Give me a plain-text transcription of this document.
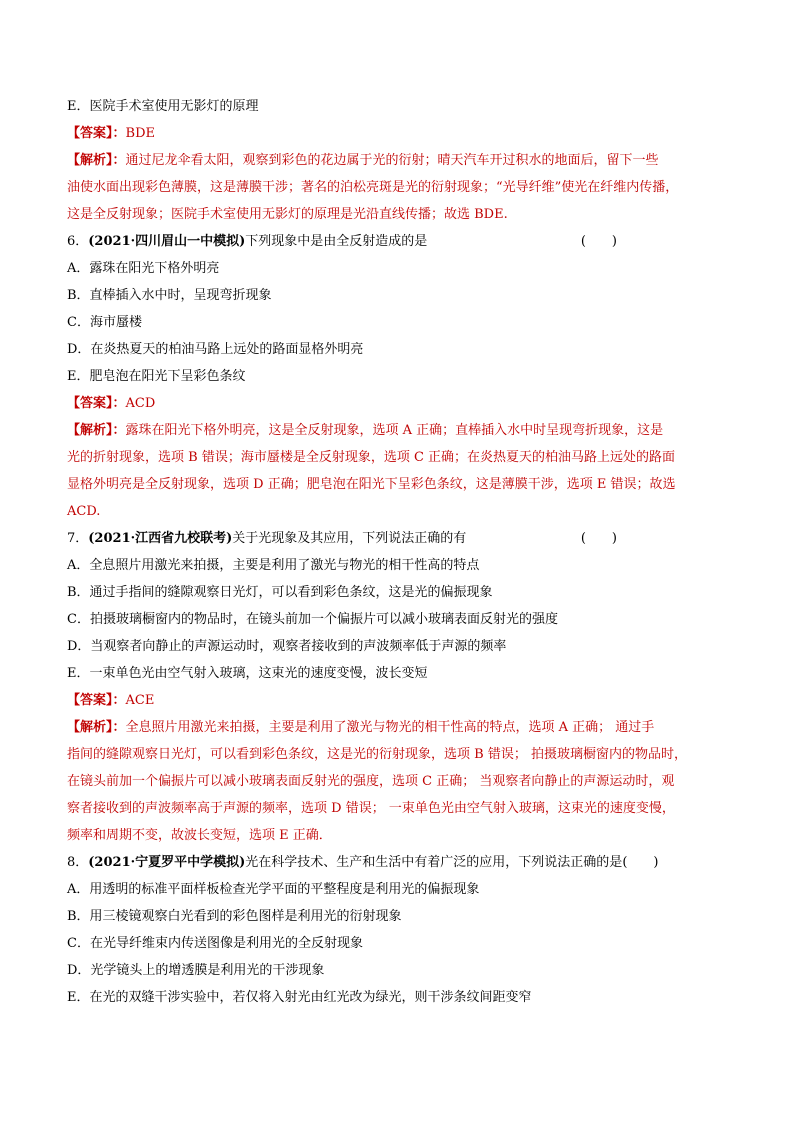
E．医院手术室使用无影灯的原理
【答案】：BDE
【解析】：通过尼龙伞看太阳，观察到彩色的花边属于光的衍射；晴天汽车开过积水的地面后，留下一些
油使水面出现彩色薄膜，这是薄膜干涉；著名的泊松亮斑是光的衍射现象；“光导纤维”使光在纤维内传播，
这是全反射现象；医院手术室使用无影灯的原理是光沿直线传播；故选 BDE.
6．(2021·四川眉山一中模拟)下列现象中是由全反射造成的是	(　　)
A．露珠在阳光下格外明亮
B．直棒插入水中时，呈现弯折现象
C．海市蜃楼
D．在炎热夏天的柏油马路上远处的路面显格外明亮
E．肥皂泡在阳光下呈彩色条纹
【答案】：ACD
【解析】：露珠在阳光下格外明亮，这是全反射现象，选项 A 正确；直棒插入水中时呈现弯折现象，这是
光的折射现象，选项 B 错误；海市蜃楼是全反射现象，选项 C 正确；在炎热夏天的柏油马路上远处的路面
显格外明亮是全反射现象，选项 D 正确；肥皂泡在阳光下呈彩色条纹，这是薄膜干涉，选项 E 错误；故选
ACD.
7．(2021·江西省九校联考)关于光现象及其应用，下列说法正确的有	(　　)
A．全息照片用激光来拍摄，主要是利用了激光与物光的相干性高的特点
B．通过手指间的缝隙观察日光灯，可以看到彩色条纹，这是光的偏振现象
C．拍摄玻璃橱窗内的物品时，在镜头前加一个偏振片可以减小玻璃表面反射光的强度
D．当观察者向静止的声源运动时，观察者接收到的声波频率低于声源的频率
E．一束单色光由空气射入玻璃，这束光的速度变慢，波长变短
【答案】：ACE
【解析】：全息照片用激光来拍摄，主要是利用了激光与物光的相干性高的特点，选项 A 正确； 通过手
指间的缝隙观察日光灯，可以看到彩色条纹，这是光的衍射现象，选项 B 错误； 拍摄玻璃橱窗内的物品时，
在镜头前加一个偏振片可以减小玻璃表面反射光的强度，选项 C 正确； 当观察者向静止的声源运动时，观
察者接收到的声波频率高于声源的频率，选项 D 错误； 一束单色光由空气射入玻璃，这束光的速度变慢，
频率和周期不变，故波长变短，选项 E 正确．
8．(2021·宁夏罗平中学模拟)光在科学技术、生产和生活中有着广泛的应用，下列说法正确的是(　　)
A．用透明的标准平面样板检查光学平面的平整程度是利用光的偏振现象
B．用三棱镜观察白光看到的彩色图样是利用光的衍射现象
C．在光导纤维束内传送图像是利用光的全反射现象
D．光学镜头上的增透膜是利用光的干涉现象
E．在光的双缝干涉实验中，若仅将入射光由红光改为绿光，则干涉条纹间距变窄
